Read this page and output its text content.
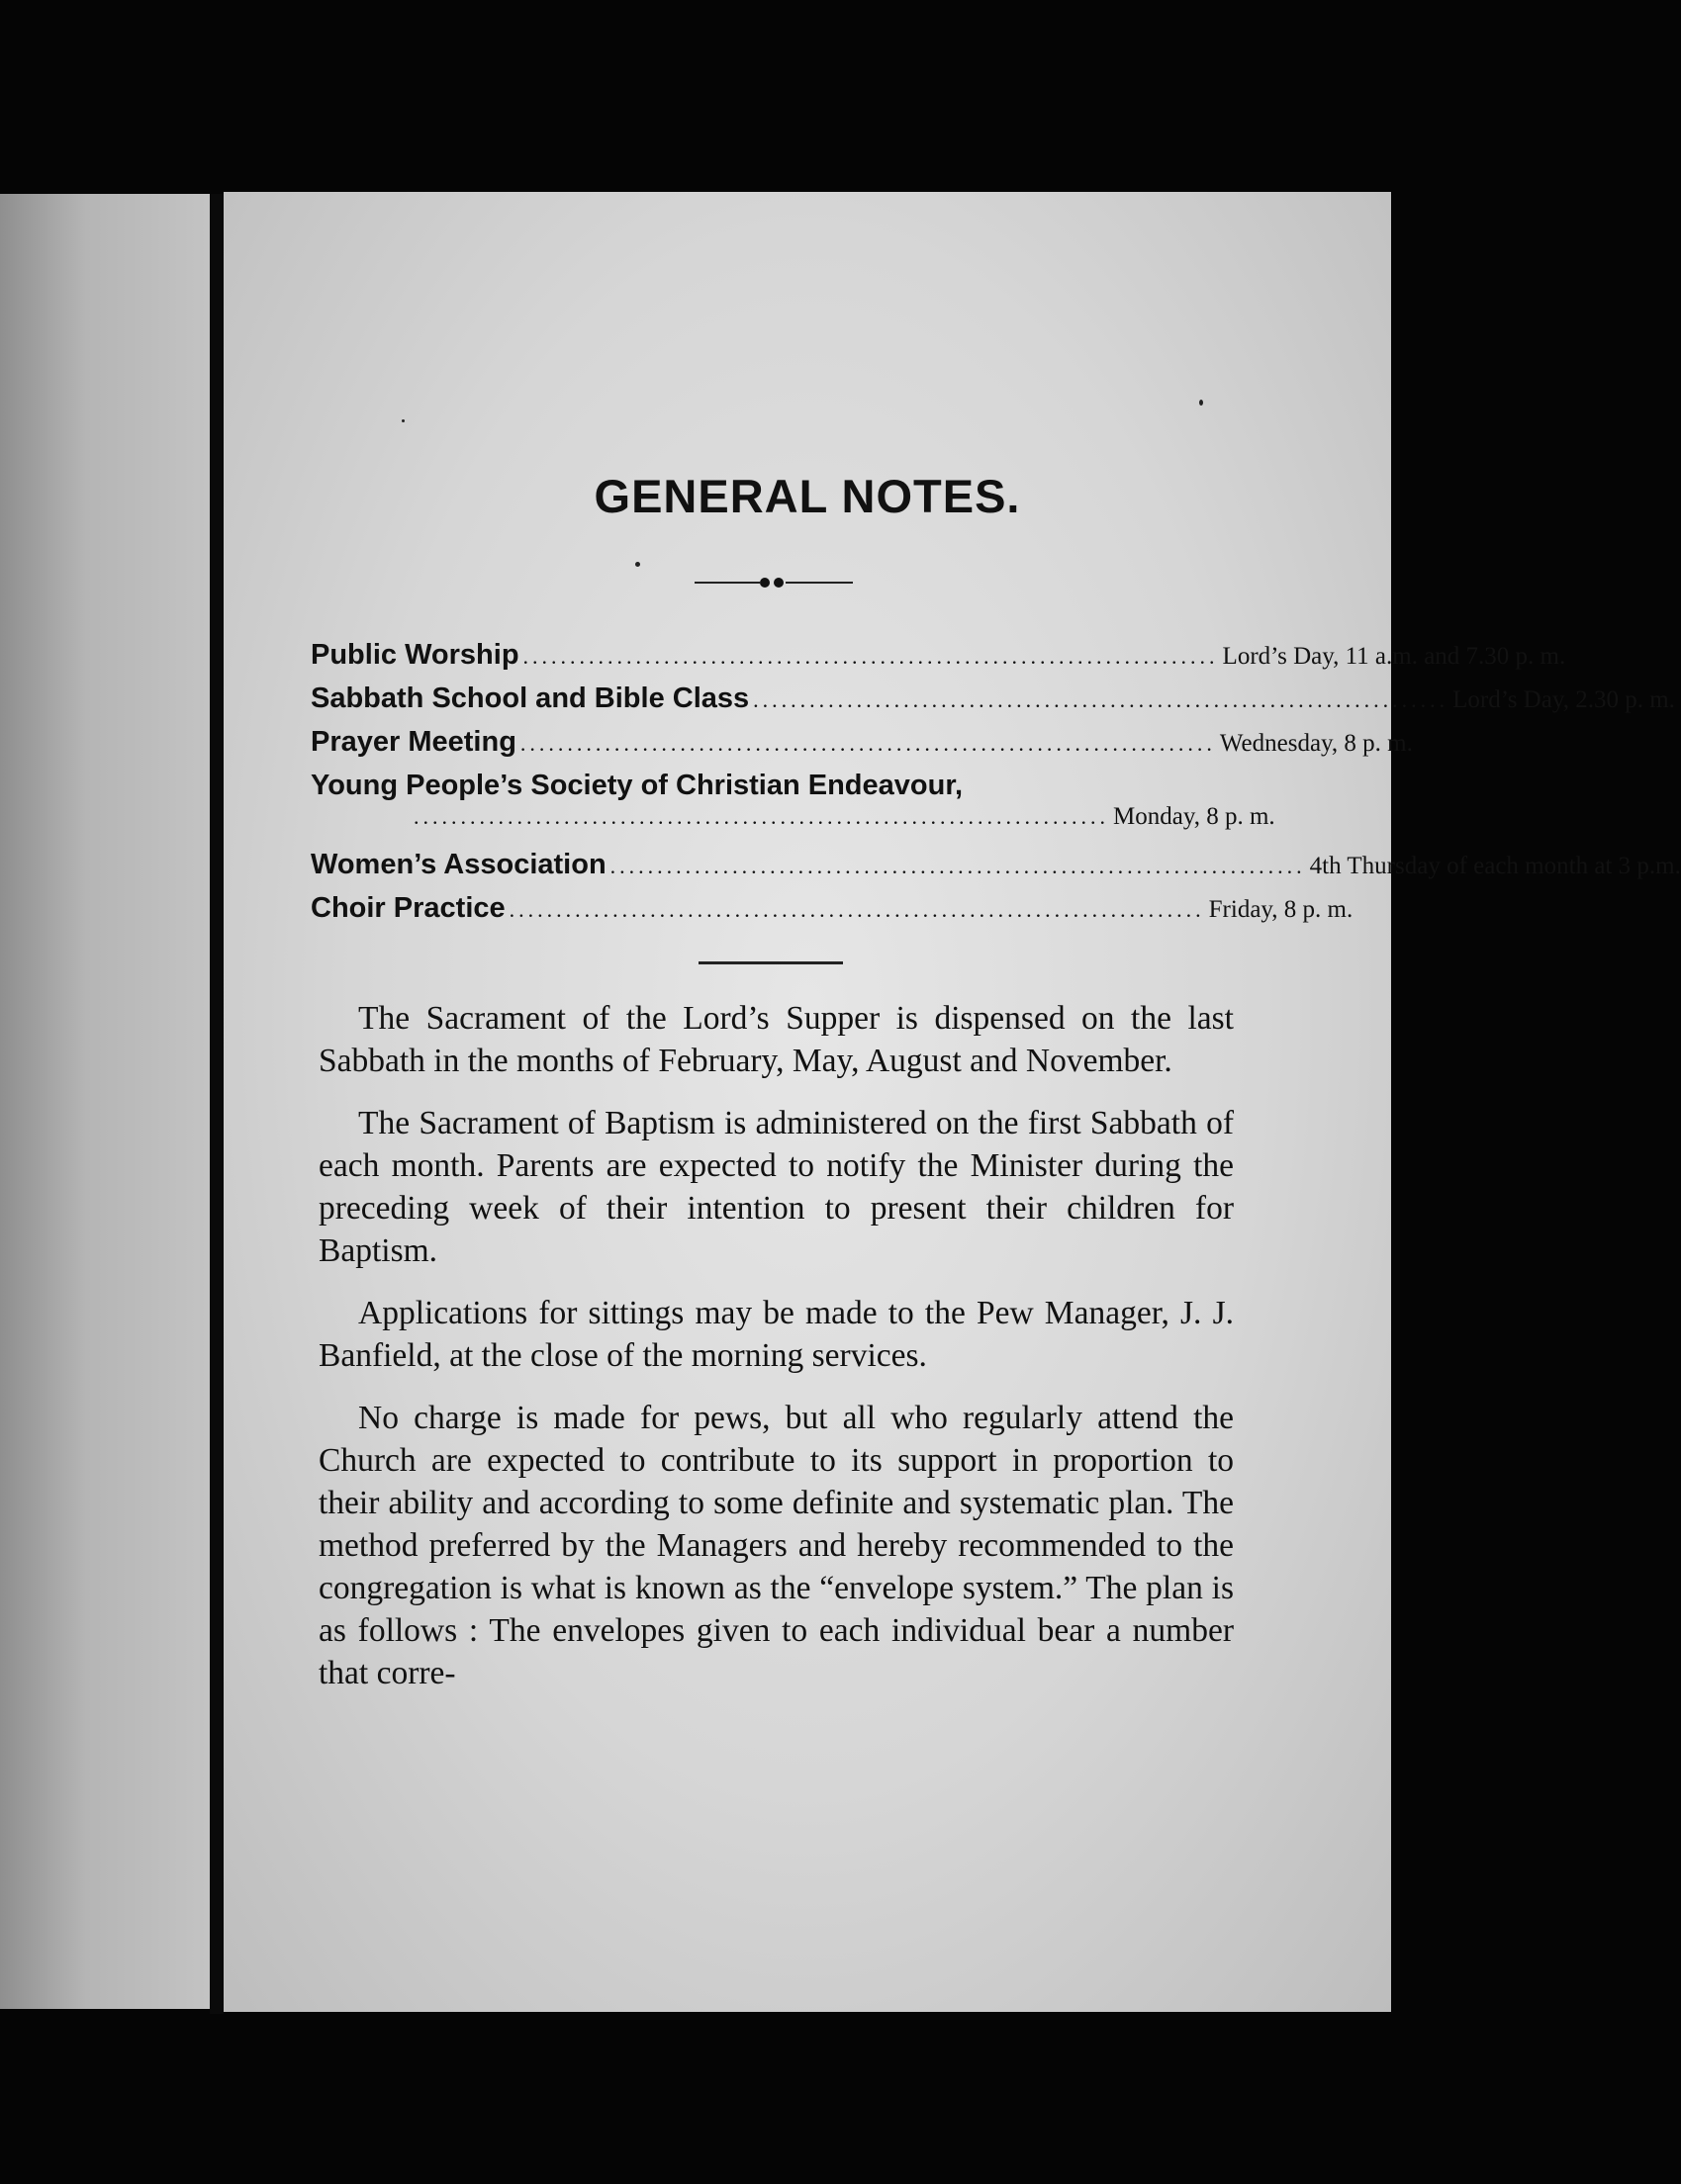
GENERAL NOTES.
Public Worship .......................................................................... Lord’s Day, 11 a.m. and 7.30 p. m.
Sabbath School and Bible Class .......................................................................... Lord’s Day, 2.30 p. m.
Prayer Meeting .......................................................................... Wednesday, 8 p. m.
Young People’s Society of Christian Endeavour,
.......................................................................... Monday, 8 p. m.
Women’s Association .......................................................................... 4th Thursday of each month at 3 p.m.
Choir Practice .......................................................................... Friday, 8 p. m.

The Sacrament of the Lord’s Supper is dispensed on the last Sabbath in the months of February, May, August and November.

The Sacrament of Baptism is administered on the first Sabbath of each month. Parents are expected to notify the Minister during the preceding week of their intention to present their children for Baptism.

Applications for sittings may be made to the Pew Manager, J. J. Banfield, at the close of the morning services.

No charge is made for pews, but all who regularly attend the Church are expected to contribute to its support in proportion to their ability and according to some definite and systematic plan. The method preferred by the Managers and hereby recommended to the congregation is what is known as the “envelope system.” The plan is as follows : The envelopes given to each individual bear a number that corre-
